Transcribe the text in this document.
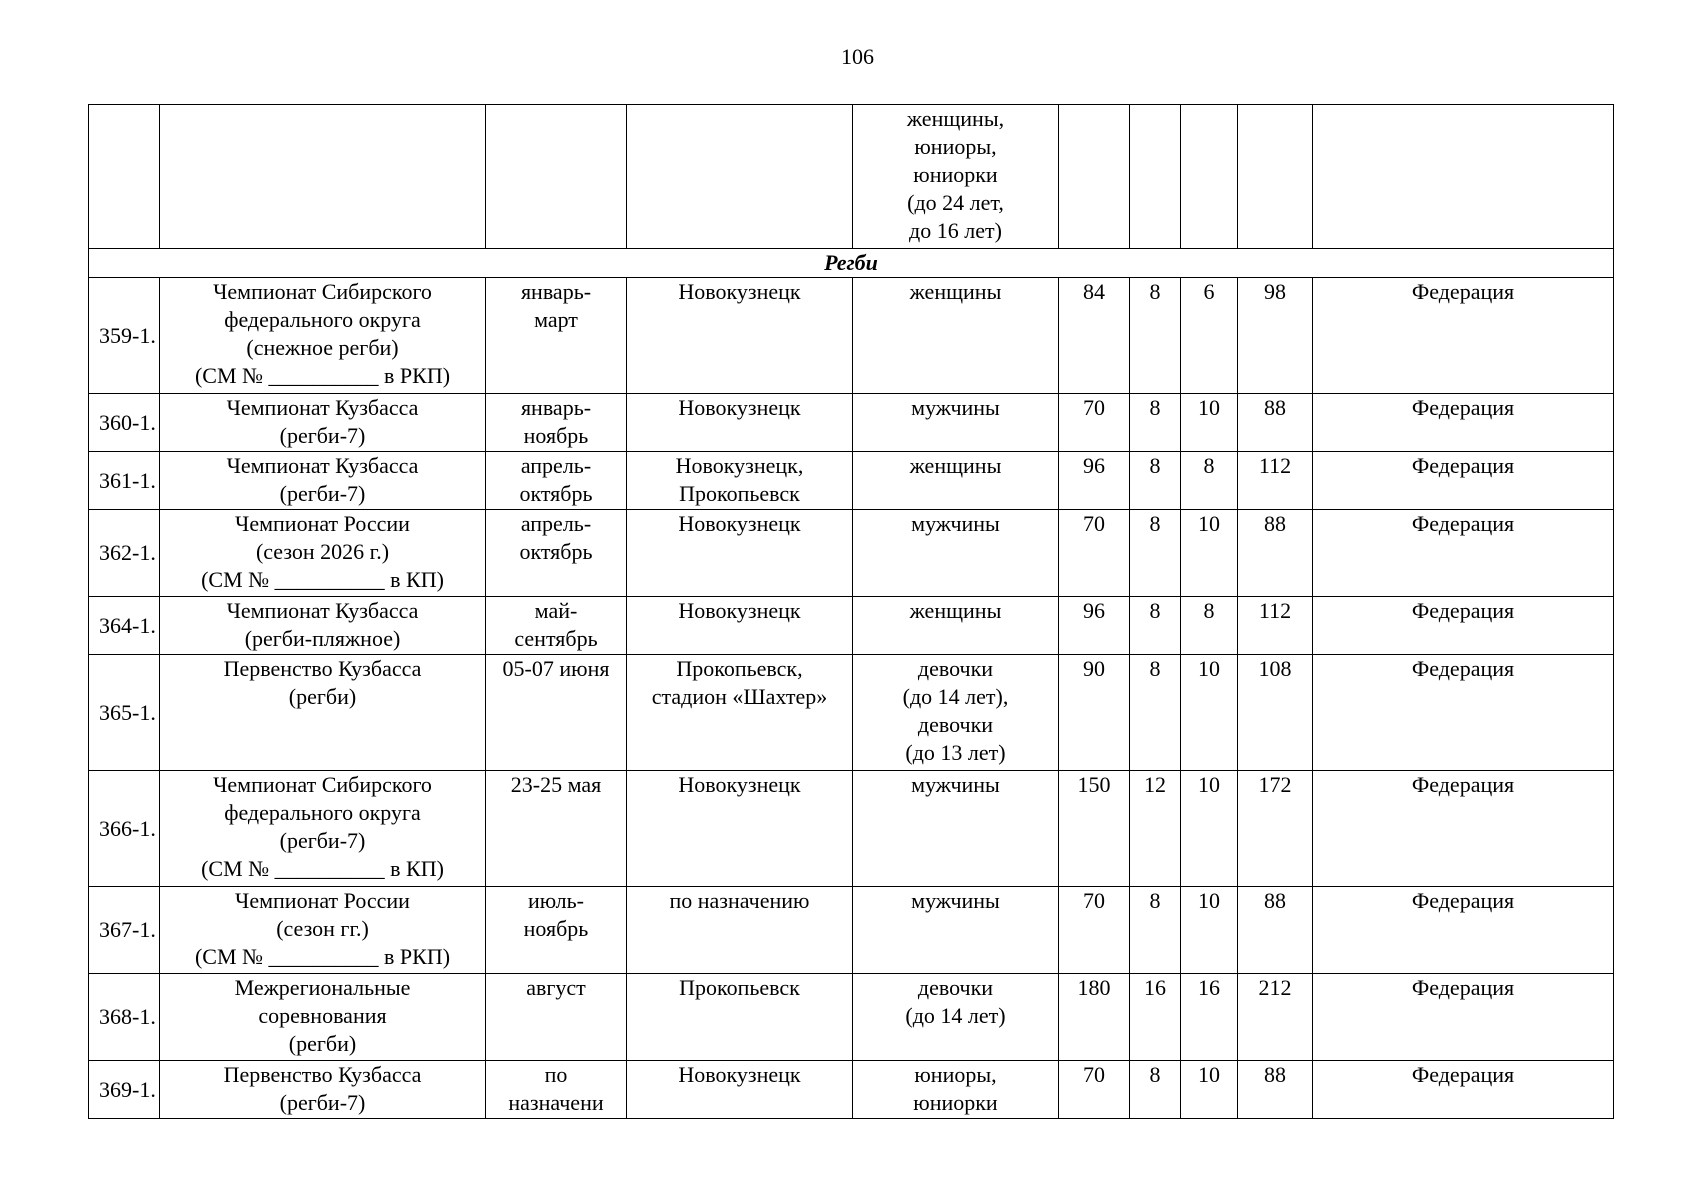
106
				женщины,
юниоры,
юниорки
(до 24 лет,
до 16 лет)					
Регби									
359-1.	Чемпионат Сибирского
федерального округа
(снежное регби)
(СМ № __________ в РКП)	январь-
март	Новокузнецк	женщины	84	8	6	98	Федерация
360-1.	Чемпионат Кузбасса
(регби-7)	январь-
ноябрь	Новокузнецк	мужчины	70	8	10	88	Федерация
361-1.	Чемпионат Кузбасса
(регби-7)	апрель-
октябрь	Новокузнецк,
Прокопьевск	женщины	96	8	8	112	Федерация
362-1.	Чемпионат России
(сезон 2026 г.)
(СМ № __________ в КП)	апрель-
октябрь	Новокузнецк	мужчины	70	8	10	88	Федерация
364-1.	Чемпионат Кузбасса
(регби-пляжное)	май-
сентябрь	Новокузнецк	женщины	96	8	8	112	Федерация
365-1.	Первенство Кузбасса
(регби)	05-07 июня	Прокопьевск,
стадион «Шахтер»	девочки
(до 14 лет),
девочки
(до 13 лет)	90	8	10	108	Федерация
366-1.	Чемпионат Сибирского
федерального округа
(регби-7)
(СМ № __________ в КП)	23-25 мая	Новокузнецк	мужчины	150	12	10	172	Федерация
367-1.	Чемпионат России
(сезон гг.)
(СМ № __________ в РКП)	июль-
ноябрь	по назначению	мужчины	70	8	10	88	Федерация
368-1.	Межрегиональные
соревнования
(регби)	август	Прокопьевск	девочки
(до 14 лет)	180	16	16	212	Федерация
369-1.	Первенство Кузбасса
(регби-7)	по
назначени	Новокузнецк	юниоры,
юниорки	70	8	10	88	Федерация
